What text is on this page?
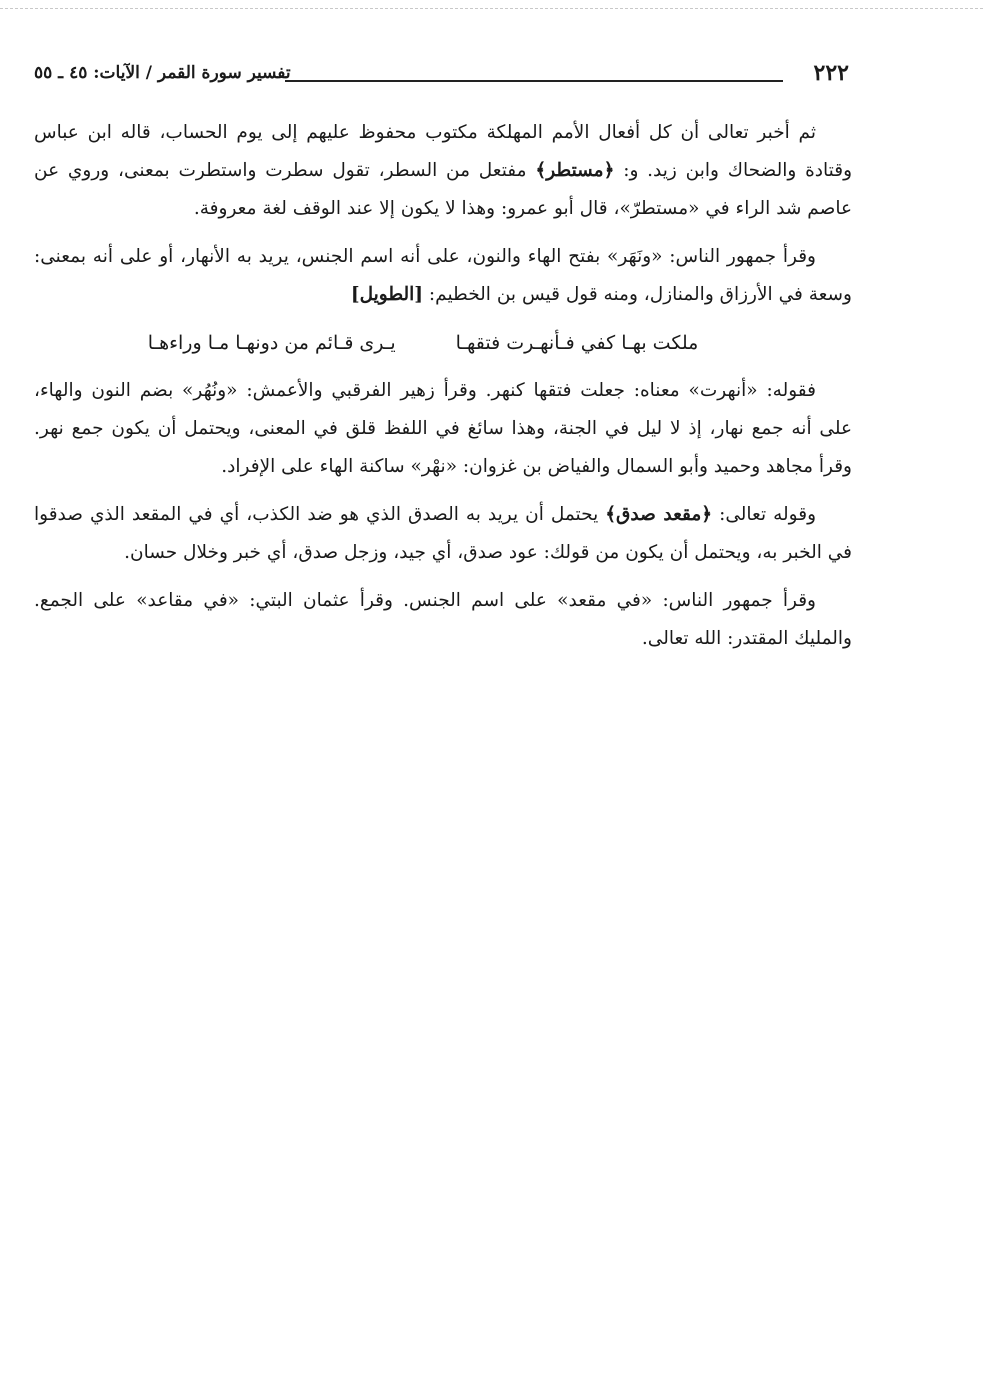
٢٢٢
تفسير سورة القمر / الآيات: ٤٥ ـ ٥٥

ثم أخبر تعالى أن كل أفعال الأمم المهلكة مكتوب محفوظ عليهم إلى يوم الحساب، قاله ابن عباس وقتادة والضحاك وابن زيد. و: ﴿مستطر﴾ مفتعل من السطر، تقول سطرت واستطرت بمعنى، وروي عن عاصم شد الراء في «مستطرّ»، قال أبو عمرو: وهذا لا يكون إلا عند الوقف لغة معروفة.

وقرأ جمهور الناس: «ونَهَر» بفتح الهاء والنون، على أنه اسم الجنس، يريد به الأنهار، أو على أنه بمعنى: وسعة في الأرزاق والمنازل، ومنه قول قيس بن الخطيم: [الطويل]

ملكت بهـا كفي فـأنهـرت فتقهـا
يـرى قـائم من دونهـا مـا وراءهـا

فقوله: «أنهرت» معناه: جعلت فتقها كنهر. وقرأ زهير الفرقبي والأعمش: «ونُهُر» بضم النون والهاء، على أنه جمع نهار، إذ لا ليل في الجنة، وهذا سائغ في اللفظ قلق في المعنى، ويحتمل أن يكون جمع نهر. وقرأ مجاهد وحميد وأبو السمال والفياض بن غزوان: «نهْر» ساكنة الهاء على الإفراد.

وقوله تعالى: ﴿مقعد صدق﴾ يحتمل أن يريد به الصدق الذي هو ضد الكذب، أي في المقعد الذي صدقوا في الخبر به، ويحتمل أن يكون من قولك: عود صدق، أي جيد، وزجل صدق، أي خبر وخلال حسان.

وقرأ جمهور الناس: «في مقعد» على اسم الجنس. وقرأ عثمان البتي: «في مقاعد» على الجمع. والمليك المقتدر: الله تعالى.
